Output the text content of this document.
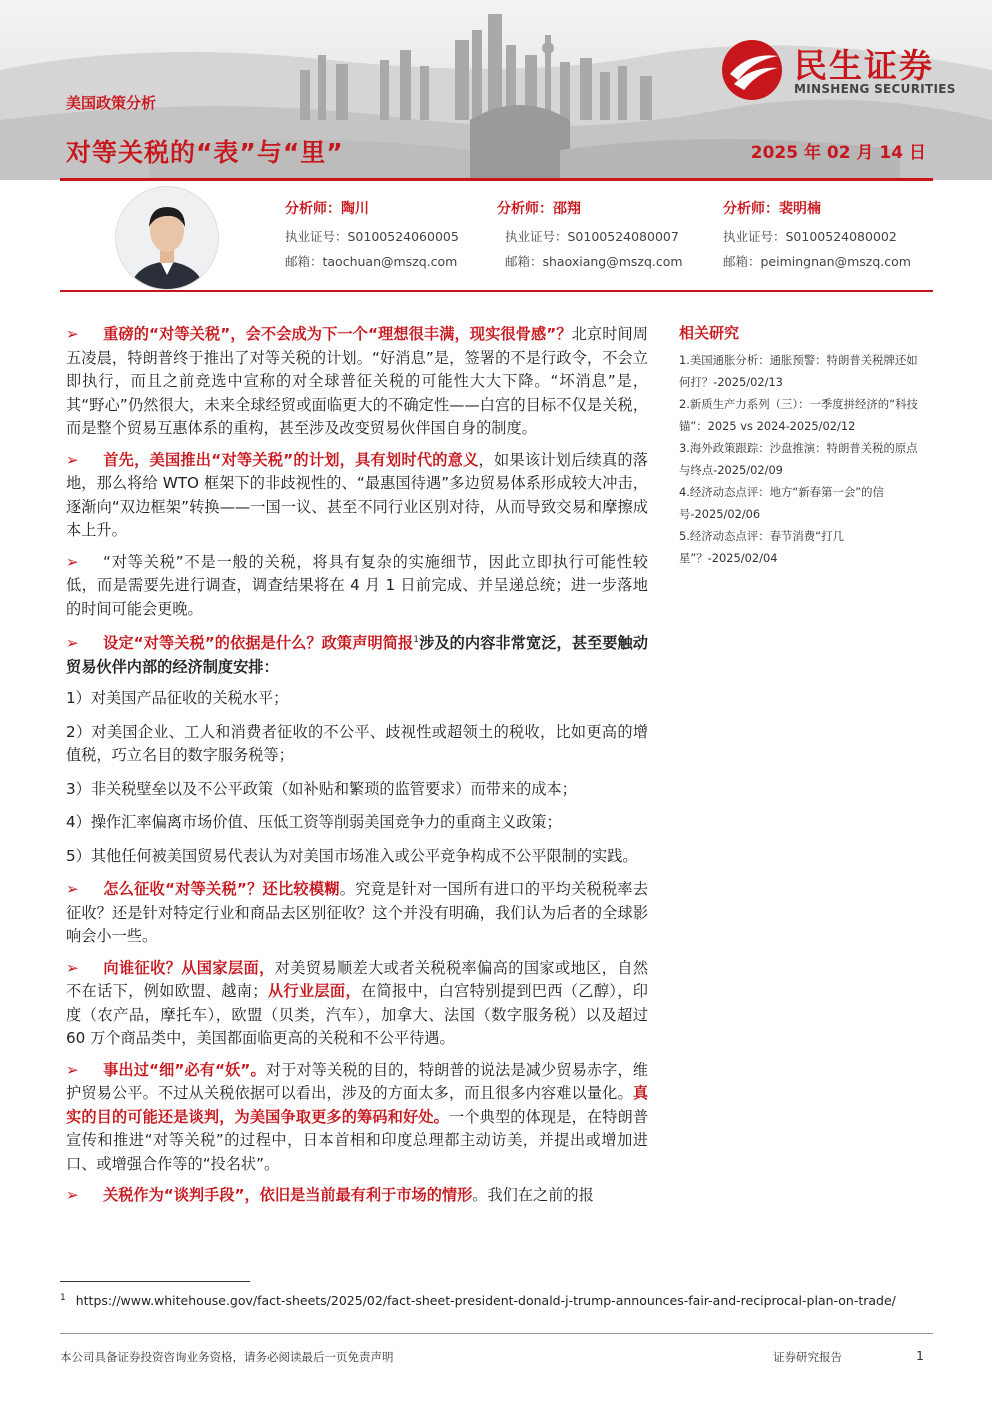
美国政策分析
对等关税的“表”与“里”	2025 年 02 月 14 日
民生证券
MINSHENG SECURITIES
分析师：陶川
执业证号：S0100524060005
邮箱：taochuan@mszq.com
分析师：邵翔
执业证号：S0100524080007
邮箱：shaoxiang@mszq.com
分析师：裴明楠
执业证号：S0100524080002
邮箱：peimingnan@mszq.com

➢ 重磅的“对等关税”，会不会成为下一个“理想很丰满，现实很骨感”？北京时间周五凌晨，特朗普终于推出了对等关税的计划。“好消息”是，签署的不是行政令，不会立即执行，而且之前竞选中宣称的对全球普征关税的可能性大大下降。“坏消息”是，其“野心”仍然很大，未来全球经贸或面临更大的不确定性——白宫的目标不仅是关税，而是整个贸易互惠体系的重构，甚至涉及改变贸易伙伴国自身的制度。

➢ 首先，美国推出“对等关税”的计划，具有划时代的意义，如果该计划后续真的落地，那么将给 WTO 框架下的非歧视性的、“最惠国待遇”多边贸易体系形成较大冲击，逐渐向“双边框架”转换——一国一议、甚至不同行业区别对待，从而导致交易和摩擦成本上升。

➢ “对等关税”不是一般的关税，将具有复杂的实施细节，因此立即执行可能性较低，而是需要先进行调查，调查结果将在 4 月 1 日前完成、并呈递总统；进一步落地的时间可能会更晚。

➢ 设定“对等关税”的依据是什么？政策声明简报$^1$涉及的内容非常宽泛，甚至要触动贸易伙伴内部的经济制度安排：

1）对美国产品征收的关税水平；

2）对美国企业、工人和消费者征收的不公平、歧视性或超领土的税收，比如更高的增值税，巧立名目的数字服务税等；

3）非关税壁垒以及不公平政策（如补贴和繁琐的监管要求）而带来的成本；

4）操作汇率偏离市场价值、压低工资等削弱美国竞争力的重商主义政策；

5）其他任何被美国贸易代表认为对美国市场准入或公平竞争构成不公平限制的实践。

➢ 怎么征收“对等关税”？还比较模糊。究竟是针对一国所有进口的平均关税税率去征收？还是针对特定行业和商品去区别征收？这个并没有明确，我们认为后者的全球影响会小一些。

➢ 向谁征收？从国家层面，对美贸易顺差大或者关税税率偏高的国家或地区，自然不在话下，例如欧盟、越南；从行业层面，在简报中，白宫特别提到巴西（乙醇），印度（农产品，摩托车），欧盟（贝类，汽车），加拿大、法国（数字服务税）以及超过 60 万个商品类中，美国都面临更高的关税和不公平待遇。

➢ 事出过“细”必有“妖”。对于对等关税的目的，特朗普的说法是减少贸易赤字，维护贸易公平。不过从关税依据可以看出，涉及的方面太多，而且很多内容难以量化。真实的目的可能还是谈判，为美国争取更多的筹码和好处。一个典型的体现是，在特朗普宣传和推进“对等关税”的过程中，日本首相和印度总理都主动访美，并提出或增加进口、或增强合作等的“投名状”。

➢ 关税作为“谈判手段”，依旧是当前最有利于市场的情形。我们在之前的报

相关研究

1.美国通胀分析：通胀预警：特朗普关税牌还如何打？-2025/02/13

2.新质生产力系列（三）：一季度拼经济的“科技锚”：2025 vs 2024-2025/02/12

3.海外政策跟踪：沙盘推演：特朗普关税的原点与终点-2025/02/09

4.经济动态点评：地方“新春第一会”的信号-2025/02/06

5.经济动态点评：春节消费“打几星”？-2025/02/04

$^1$ https://www.whitehouse.gov/fact-sheets/2025/02/fact-sheet-president-donald-j-trump-announces-fair-and-reciprocal-plan-on-trade/
本公司具备证券投资咨询业务资格，请务必阅读最后一页免责声明	证券研究报告	1
